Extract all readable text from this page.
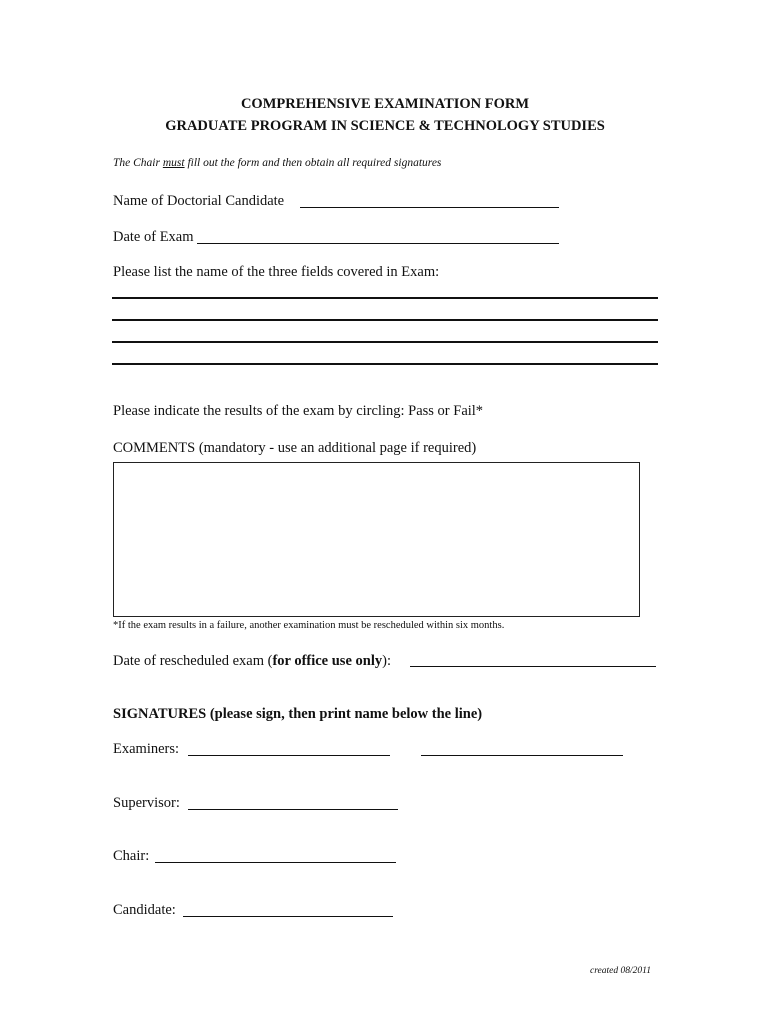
COMPREHENSIVE EXAMINATION FORM
GRADUATE PROGRAM IN SCIENCE & TECHNOLOGY STUDIES
The Chair must fill out the form and then obtain all required signatures
Name of Doctorial Candidate
Date of Exam
Please list the name of the three fields covered in Exam:
Please indicate the results of the exam by circling: Pass or Fail*
COMMENTS (mandatory - use an additional page if required)
*If the exam results in a failure, another examination must be rescheduled within six months.
Date of rescheduled exam (for office use only):
SIGNATURES (please sign, then print name below the line)
Examiners:
Supervisor:
Chair:
Candidate:
created 08/2011
